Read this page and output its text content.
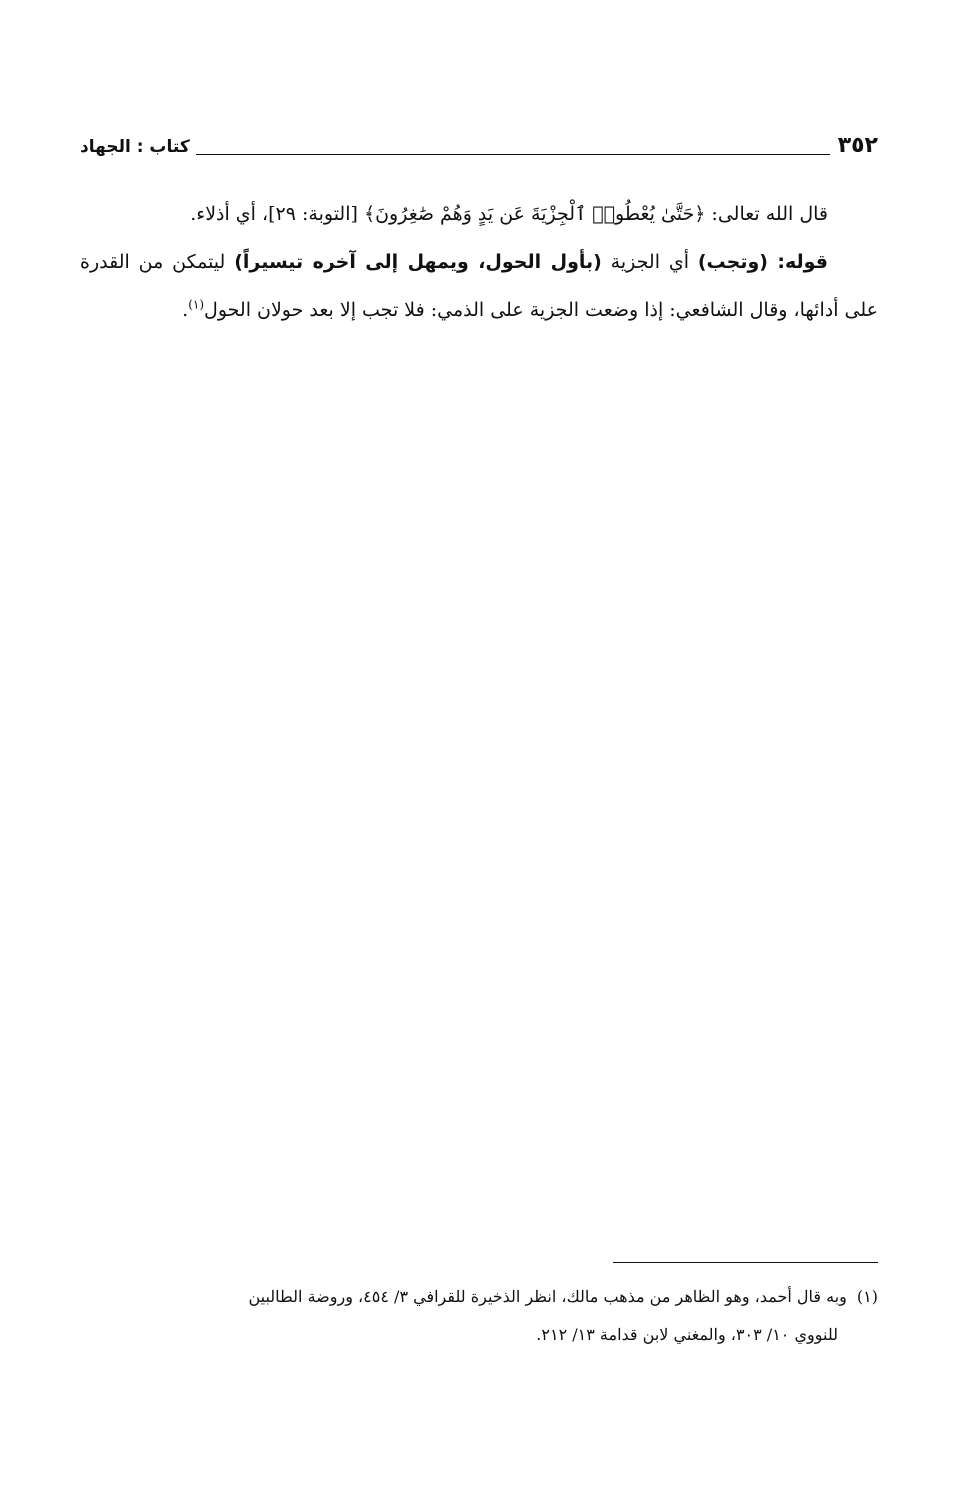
٣٥٢
كتاب : الجهاد

قال الله تعالى: ﴿حَتَّىٰ يُعْطُوا۟ ٱلْجِزْيَةَ عَن يَدٍ وَهُمْ صَٰغِرُونَ﴾ [التوبة: ٢٩]، أي أذلاء.

قوله: (وتجب) أي الجزية (بأول الحول، ويمهل إلى آخره تيسيراً) ليتمكن من القدرة على أدائها، وقال الشافعي: إذا وضعت الجزية على الذمي: فلا تجب إلا بعد حولان الحول$^{(١)}$.

(١)وبه قال أحمد، وهو الظاهر من مذهب مالك، انظر الذخيرة للقرافي ٣/ ٤٥٤، وروضة الطالبين
للنووي ١٠/ ٣٠٣، والمغني لابن قدامة ١٣/ ٢١٢.
